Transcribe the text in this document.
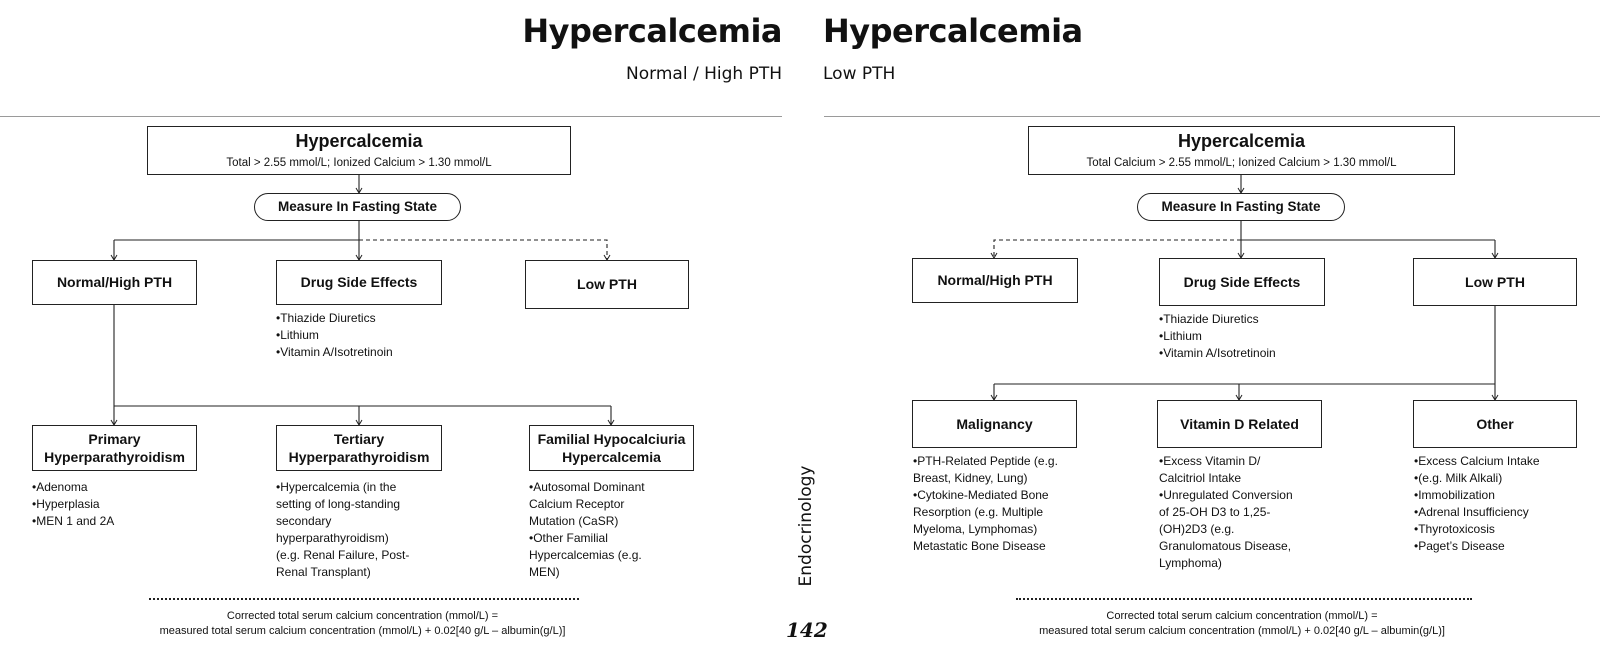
Hypercalcemia
Normal / High PTH
Hypercalcemia
Low PTH
Hypercalcemia
Total > 2.55 mmol/L; Ionized Calcium > 1.30 mmol/L
Measure In Fasting State
Normal/High PTH	Drug Side Effects	Low PTH
•Thiazide Diuretics
•Lithium
•Vitamin A/Isotretinoin
Primary
Hyperparathyroidism
Tertiary
Hyperparathyroidism
Familial Hypocalciuria
Hypercalcemia
•Adenoma
•Hyperplasia
•MEN 1 and 2A
•Hypercalcemia (in the
setting of long-standing
secondary
hyperparathyroidism)
(e.g. Renal Failure, Post-
Renal Transplant)
•Autosomal Dominant
Calcium Receptor
Mutation (CaSR)
•Other Familial
Hypercalcemias (e.g.
MEN)
Corrected total serum calcium concentration (mmol/L) =
measured total serum calcium concentration (mmol/L) + 0.02[40 g/L – albumin(g/L)]
Endocrinology
142
Hypercalcemia
Total Calcium > 2.55 mmol/L; Ionized Calcium > 1.30 mmol/L
Measure In Fasting State
Normal/High PTH	Drug Side Effects	Low PTH
•Thiazide Diuretics
•Lithium
•Vitamin A/Isotretinoin
Malignancy	Vitamin D Related	Other
•PTH-Related Peptide (e.g.
Breast, Kidney, Lung)
•Cytokine-Mediated Bone
Resorption (e.g. Multiple
Myeloma, Lymphomas)
Metastatic Bone Disease
•Excess Vitamin D/
Calcitriol Intake
•Unregulated Conversion
of 25-OH D3 to 1,25-
(OH)2D3 (e.g.
Granulomatous Disease,
Lymphoma)
•Excess Calcium Intake
•(e.g. Milk Alkali)
•Immobilization
•Adrenal Insufficiency
•Thyrotoxicosis
•Paget’s Disease
Corrected total serum calcium concentration (mmol/L) =
measured total serum calcium concentration (mmol/L) + 0.02[40 g/L – albumin(g/L)]
